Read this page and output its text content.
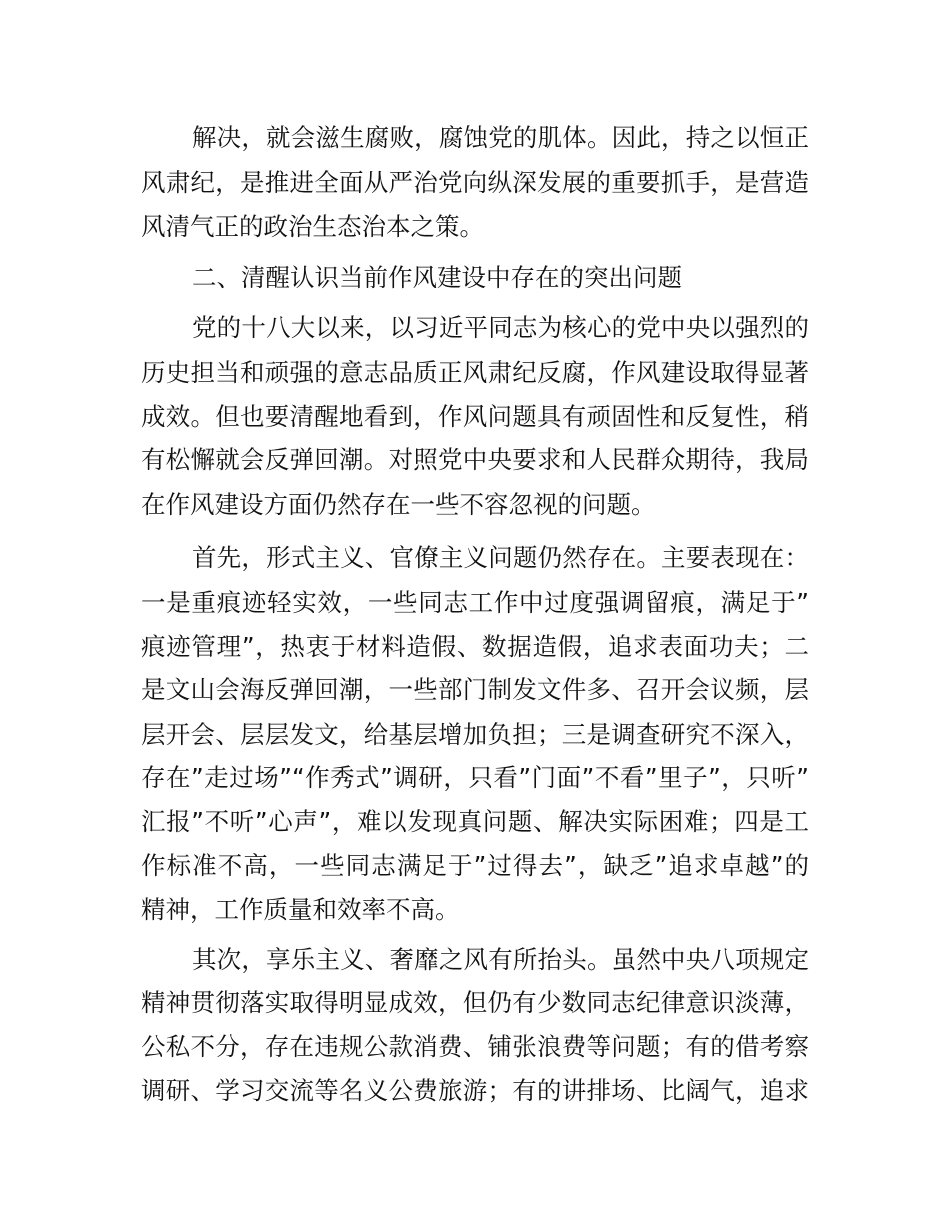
解决，就会滋生腐败，腐蚀党的肌体。因此，持之以恒正
风肃纪，是推进全面从严治党向纵深发展的重要抓手，是营造
风清气正的政治生态治本之策。
二、清醒认识当前作风建设中存在的突出问题
党的十八大以来，以习近平同志为核心的党中央以强烈的
历史担当和顽强的意志品质正风肃纪反腐，作风建设取得显著
成效。但也要清醒地看到，作风问题具有顽固性和反复性，稍
有松懈就会反弹回潮。对照党中央要求和人民群众期待，我局
在作风建设方面仍然存在一些不容忽视的问题。
首先，形式主义、官僚主义问题仍然存在。主要表现在：
一是重痕迹轻实效，一些同志工作中过度强调留痕，满足于”
痕迹管理”，热衷于材料造假、数据造假，追求表面功夫；二
是文山会海反弹回潮，一些部门制发文件多、召开会议频，层
层开会、层层发文，给基层增加负担；三是调查研究不深入，
存在”走过场”“作秀式”调研，只看”门面”不看”里子”，只听”
汇报”不听”心声”，难以发现真问题、解决实际困难；四是工
作标准不高，一些同志满足于”过得去”，缺乏”追求卓越”的
精神，工作质量和效率不高。
其次，享乐主义、奢靡之风有所抬头。虽然中央八项规定
精神贯彻落实取得明显成效，但仍有少数同志纪律意识淡薄，
公私不分，存在违规公款消费、铺张浪费等问题；有的借考察
调研、学习交流等名义公费旅游；有的讲排场、比阔气，追求
